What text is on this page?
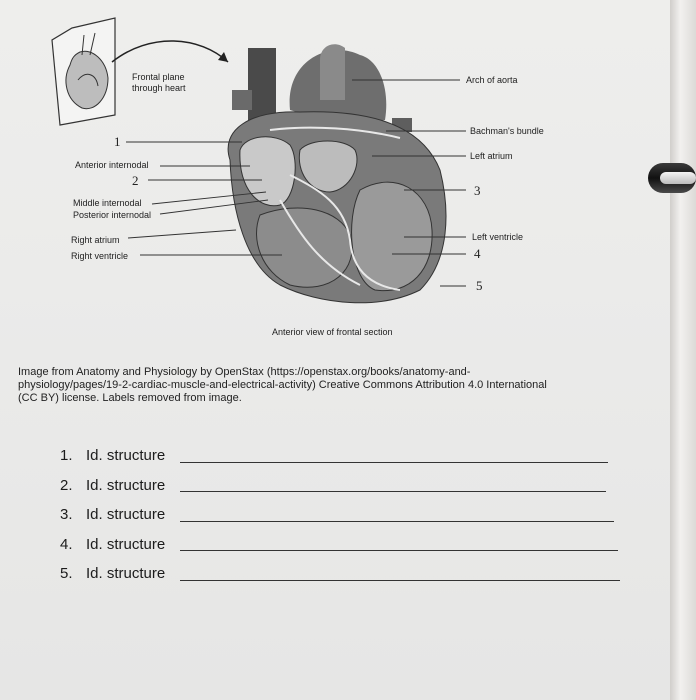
Frontal plane through heart
1
Anterior internodal
2
Middle internodal
Posterior internodal
Right atrium
Right ventricle
Arch of aorta
Bachman's bundle
Left atrium
3
Left ventricle
4
5
Anterior view of frontal section
Image from Anatomy and Physiology by OpenStax (https://openstax.org/books/anatomy-and-physiology/pages/19-2-cardiac-muscle-and-electrical-activity) Creative Commons Attribution 4.0 International (CC BY) license. Labels removed from image.
1. Id. structure
2. Id. structure
3. Id. structure
4. Id. structure
5. Id. structure
